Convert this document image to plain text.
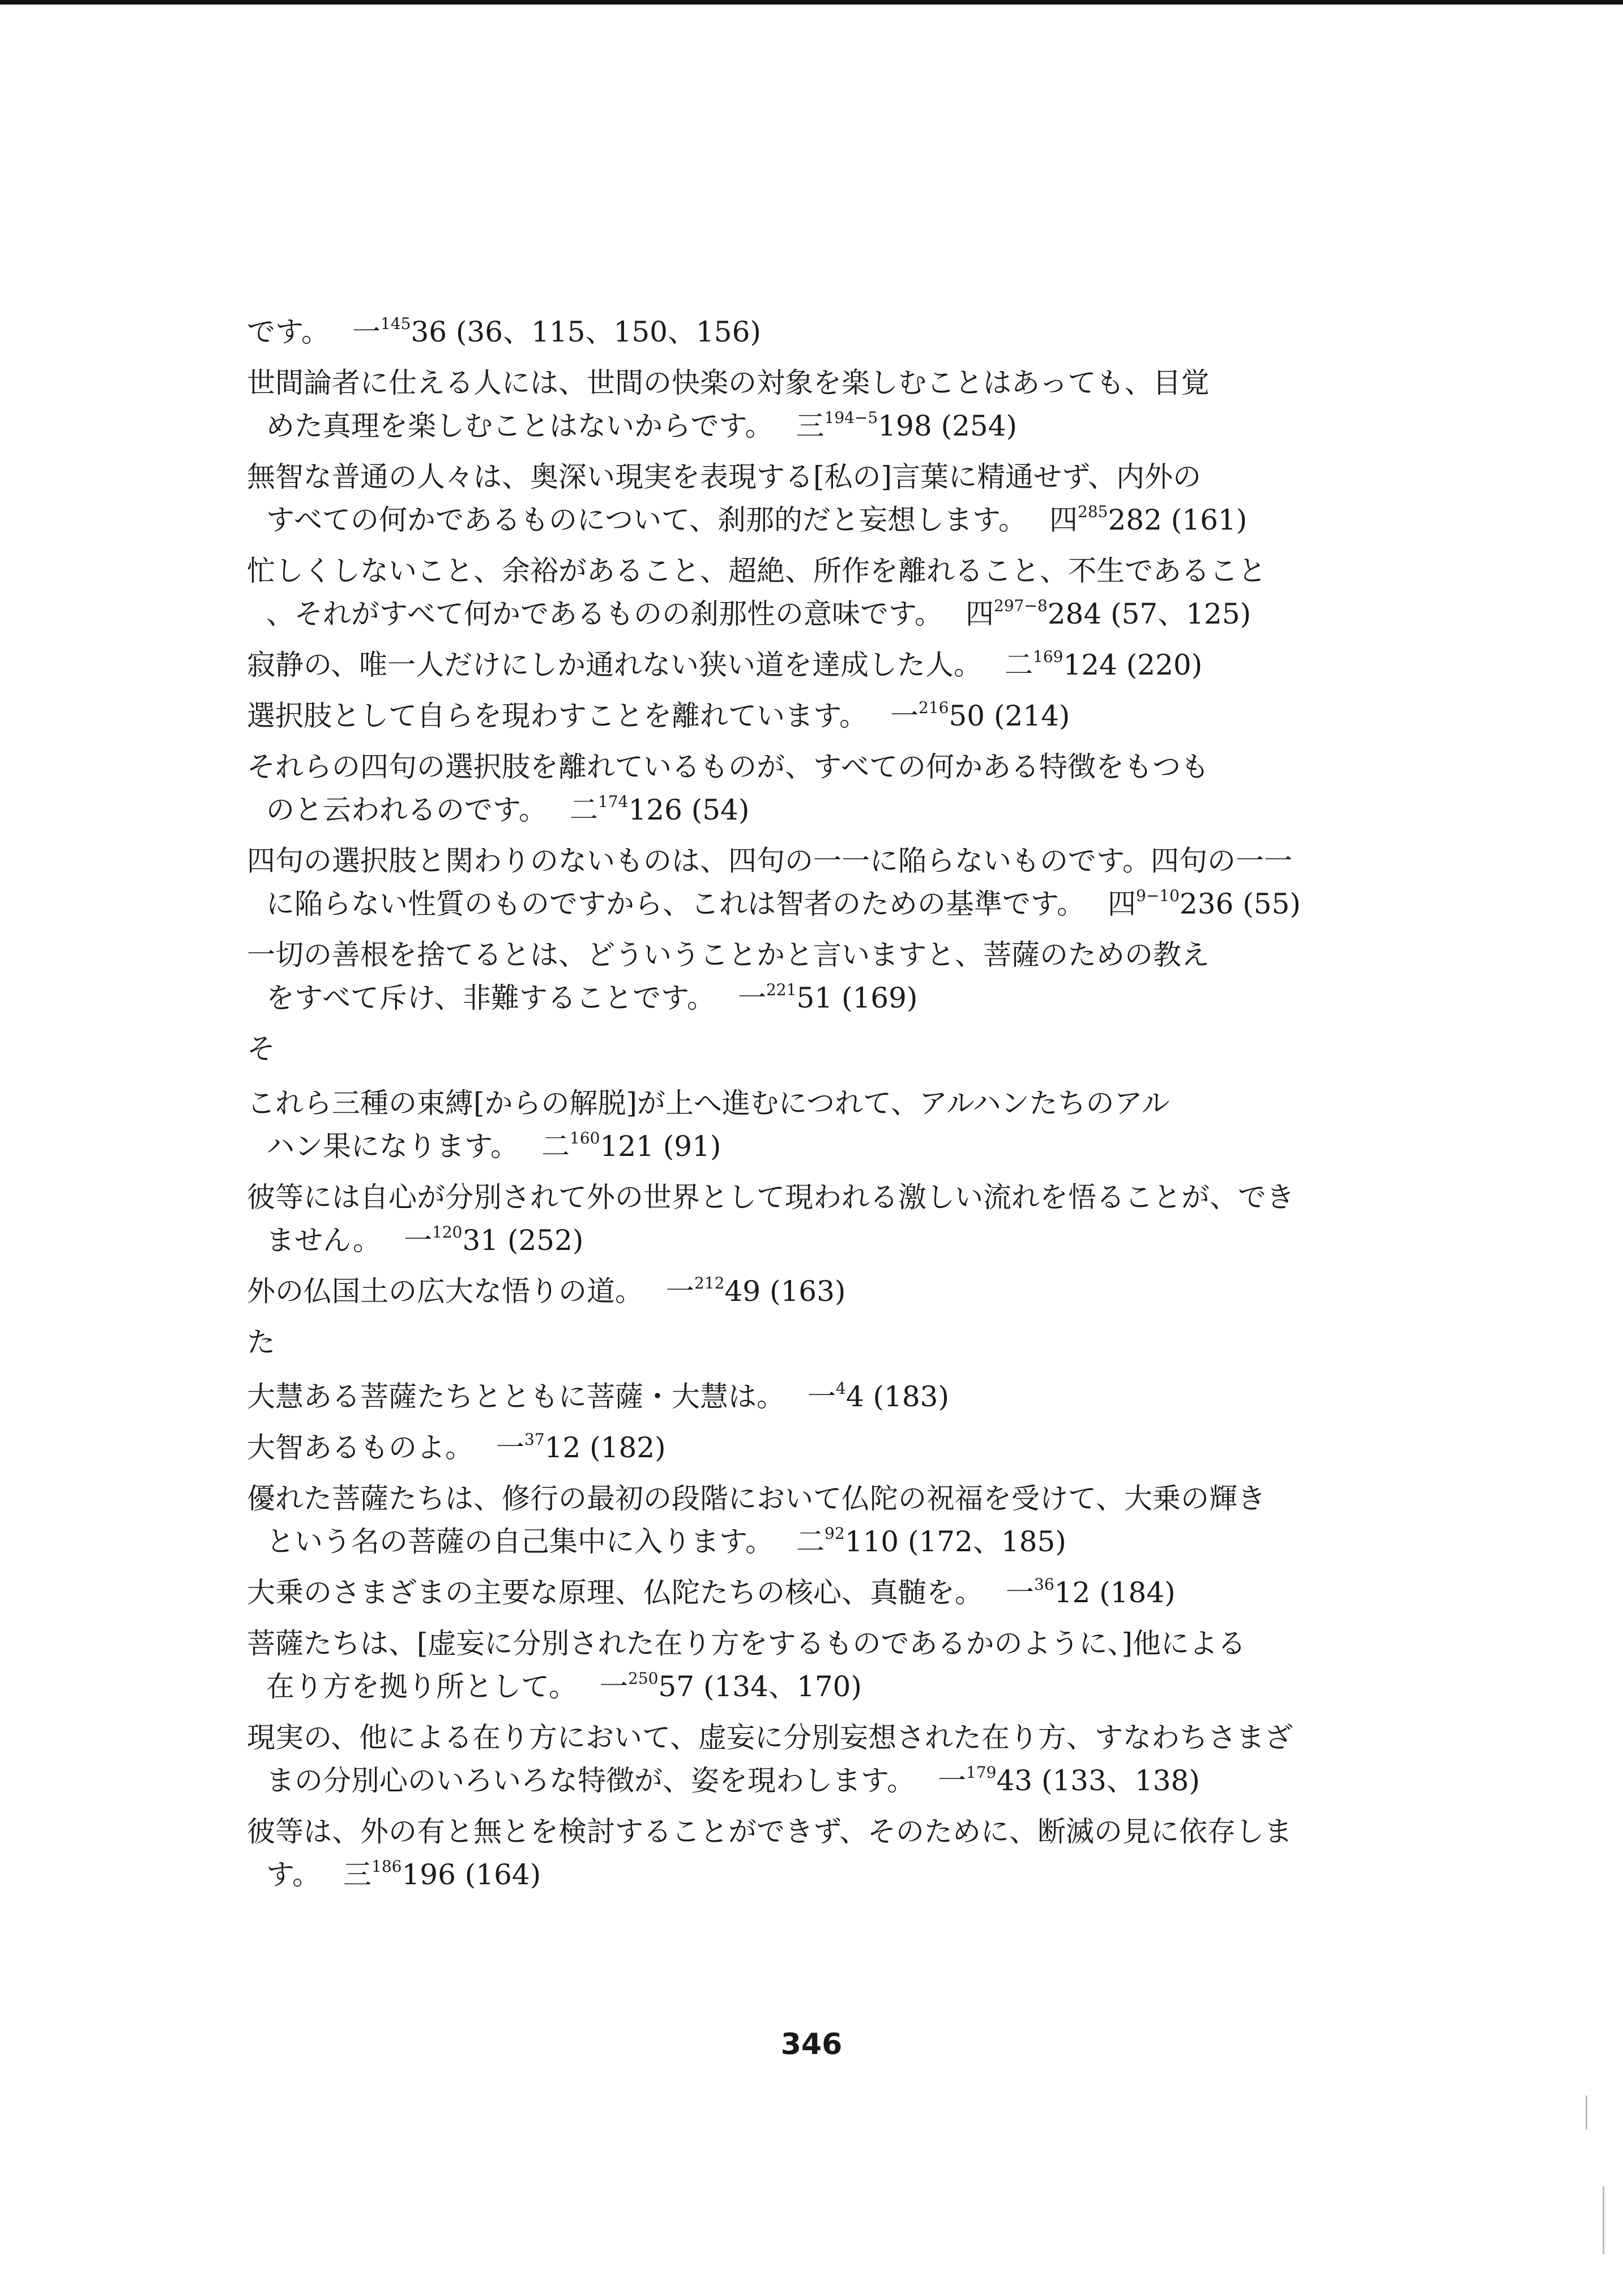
です。 一$^{145}$36 (36、115、150、156)
世間論者に仕える人には、世間の快楽の対象を楽しむことはあっても、目覚
めた真理を楽しむことはないからです。 三$^{194-5}$198 (254)
無智な普通の人々は、奥深い現実を表現する[私の]言葉に精通せず、内外の
すべての何かであるものについて、刹那的だと妄想します。 四$^{285}$282 (161)
忙しくしないこと、余裕があること、超絶、所作を離れること、不生であること
、それがすべて何かであるものの刹那性の意味です。 四$^{297-8}$284 (57、125)
寂静の、唯一人だけにしか通れない狭い道を達成した人。 二$^{169}$124 (220)
選択肢として自らを現わすことを離れています。 一$^{216}$50 (214)
それらの四句の選択肢を離れているものが、すべての何かある特徴をもつも
のと云われるのです。 二$^{174}$126 (54)
四句の選択肢と関わりのないものは、四句の一一に陥らないものです。四句の一一
に陥らない性質のものですから、これは智者のための基準です。 四$^{9-10}$236 (55)
一切の善根を捨てるとは、どういうことかと言いますと、菩薩のための教え
をすべて斥け、非難することです。 一$^{221}$51 (169)
そ
これら三種の束縛[からの解脱]が上へ進むにつれて、アルハンたちのアル
ハン果になります。 二$^{160}$121 (91)
彼等には自心が分別されて外の世界として現われる激しい流れを悟ることが、でき
ません。 一$^{120}$31 (252)
外の仏国土の広大な悟りの道。 一$^{212}$49 (163)
た
大慧ある菩薩たちとともに菩薩・大慧は。 一$^4$4 (183)
大智あるものよ。 一$^{37}$12 (182)
優れた菩薩たちは、修行の最初の段階において仏陀の祝福を受けて、大乗の輝き
という名の菩薩の自己集中に入ります。 二$^{92}$110 (172、185)
大乗のさまざまの主要な原理、仏陀たちの核心、真髄を。 一$^{36}$12 (184)
菩薩たちは、[虚妄に分別された在り方をするものであるかのように、]他による
在り方を拠り所として。 一$^{250}$57 (134、170)
現実の、他による在り方において、虚妄に分別妄想された在り方、すなわちさまざ
まの分別心のいろいろな特徴が、姿を現わします。 一$^{179}$43 (133、138)
彼等は、外の有と無とを検討することができず、そのために、断滅の見に依存しま
す。 三$^{186}$196 (164)
346
